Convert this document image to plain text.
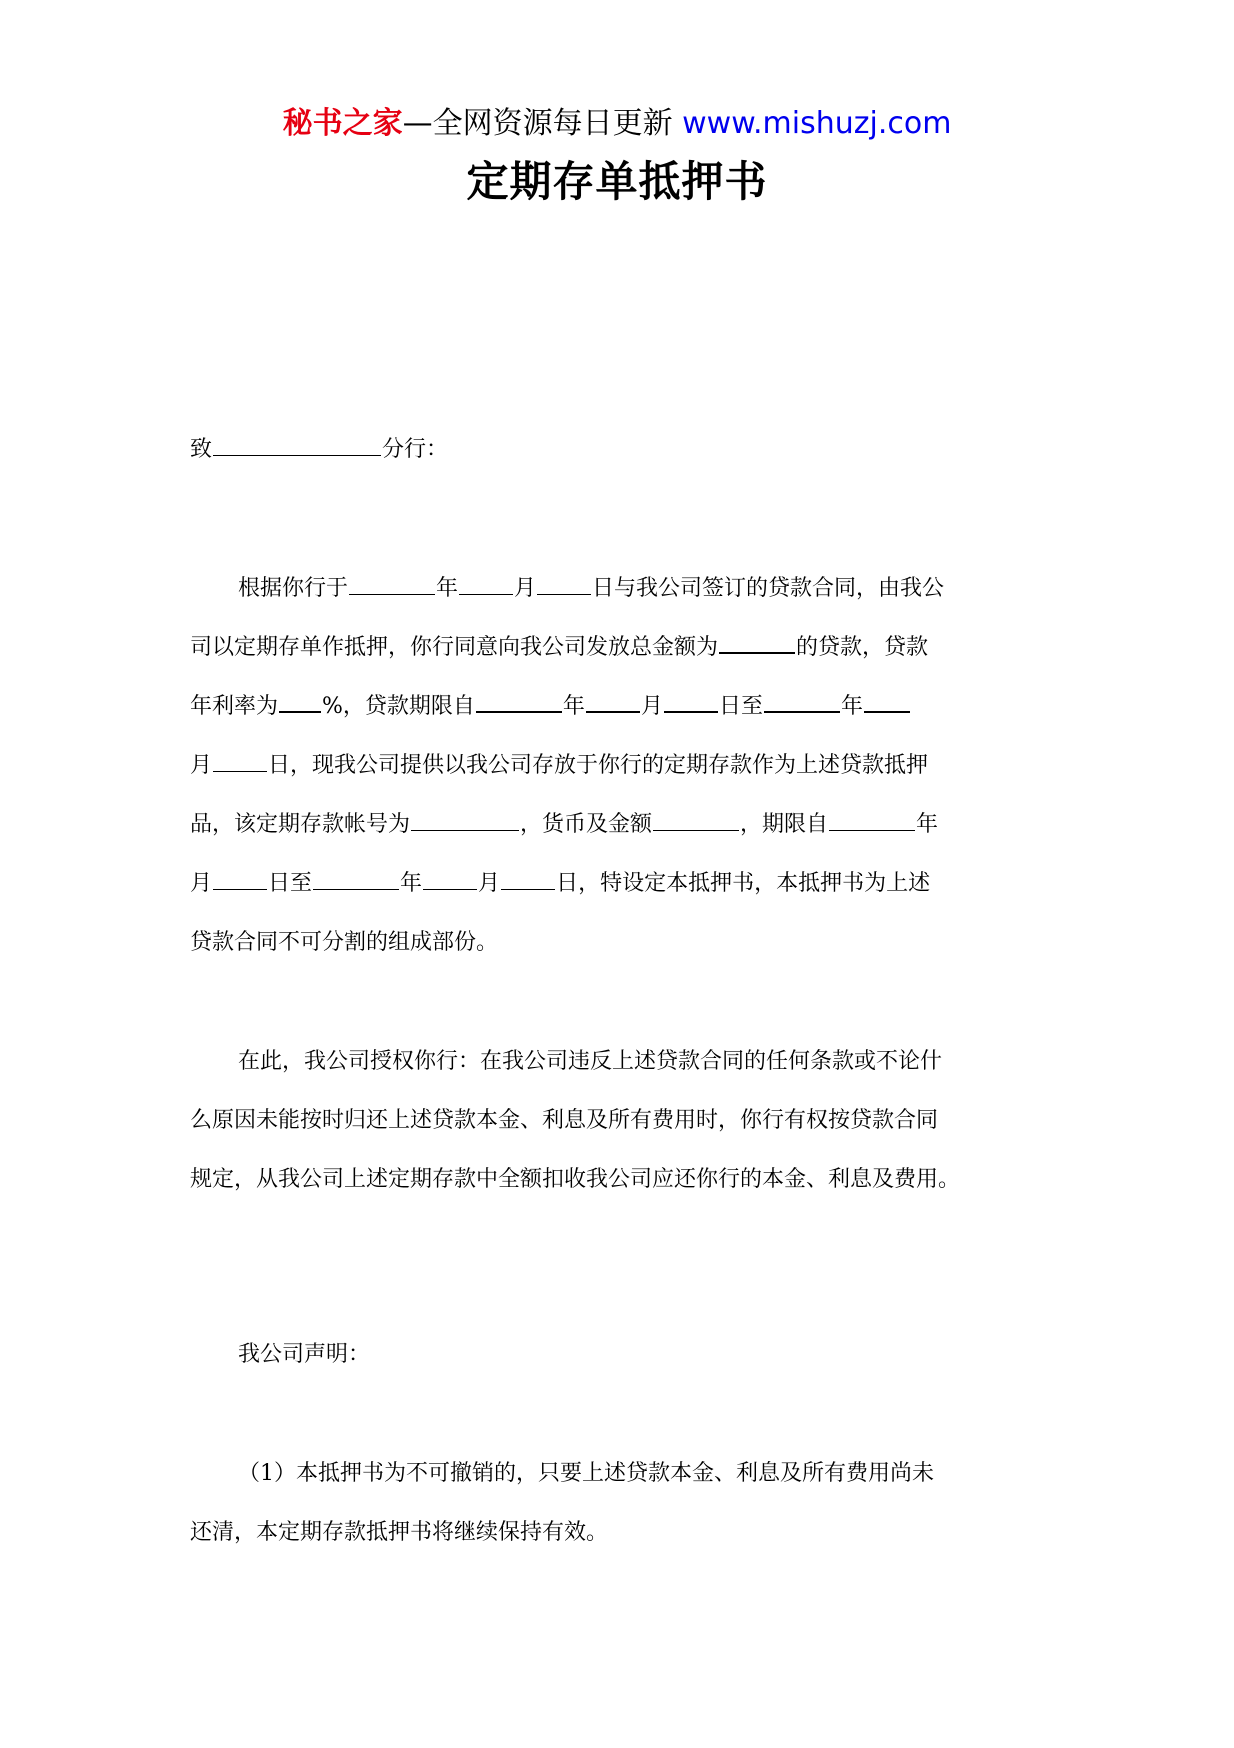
秘书之家—全网资源每日更新 www.mishuzj.com
定期存单抵押书

致	分行：

根据你行于	年	月	日与我公司签订的贷款合同，由我公
司以定期存单作抵押，你行同意向我公司发放总金额为	的贷款，贷款
年利率为 %，贷款期限自	年	月	日至	年
月	日，现我公司提供以我公司存放于你行的定期存款作为上述贷款抵押
品，该定期存款帐号为	，货币及金额	，期限自	年
月	日至	年	月	日，特设定本抵押书，本抵押书为上述
贷款合同不可分割的组成部份。

在此，我公司授权你行：在我公司违反上述贷款合同的任何条款或不论什
么原因未能按时归还上述贷款本金、利息及所有费用时，你行有权按贷款合同
规定，从我公司上述定期存款中全额扣收我公司应还你行的本金、利息及费用。

我公司声明：

（1）本抵押书为不可撤销的，只要上述贷款本金、利息及所有费用尚未
还清，本定期存款抵押书将继续保持有效。
